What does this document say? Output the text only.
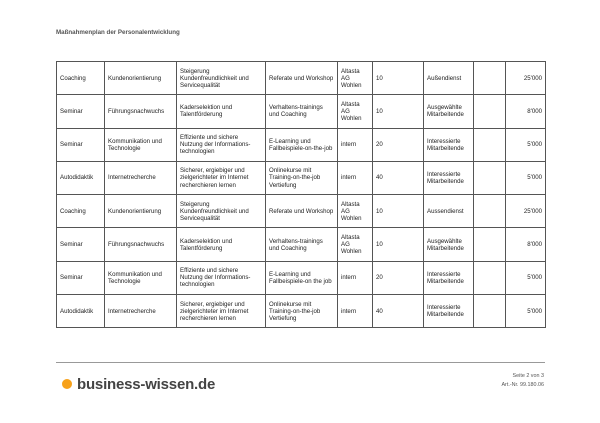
Maßnahmenplan der Personalentwicklung
Coaching	Kundenorientierung	Steigerung Kundenfreundlichkeit und Servicequalität	Referate und Workshop	Altasta AG Wohlen	10	Außendienst		25'000
Seminar	Führungsnachwuchs	Kaderselektion und Talentförderung	Verhaltens-trainings und Coaching	Altasta AG Wohlen	10	Ausgewählte Mitarbeitende		8'000
Seminar	Kommunikation und Technologie	Effiziente und sichere Nutzung der Informations-technologien	E-Learning und Fallbeispiele-on-the-job	intern	20	Interessierte Mitarbeitende		5'000
Autodidaktik	Internetrecherche	Sicherer, ergiebiger und zielgerichteter im Internet recherchieren lernen	Onlinekurse mit Training-on-the-job Vertiefung	intern	40	Interessierte Mitarbeitende		5'000
Coaching	Kundenorientierung	Steigerung Kundenfreundlichkeit und Servicequalität	Referate und Workshop	Altasta AG Wohlen	10	Aussendienst		25'000
Seminar	Führungsnachwuchs	Kaderselektion und Talentförderung	Verhaltens-trainings und Coaching	Altasta AG Wohlen	10	Ausgewählte Mitarbeitende		8'000
Seminar	Kommunikation und Technologie	Effiziente und sichere Nutzung der Informations-technologien	E-Learning und Fallbeispiele-on the job	intern	20	Interessierte Mitarbeitende		5'000
Autodidaktik	Internetrecherche	Sicherer, ergiebiger und zielgerichteter im Internet recherchieren lernen	Onlinekurse mit Training-on-the-job Vertiefung	intern	40	Interessierte Mitarbeitende		5'000
business-wissen.de	Seite 2 von 3
Art.-Nr. 99.180.06
